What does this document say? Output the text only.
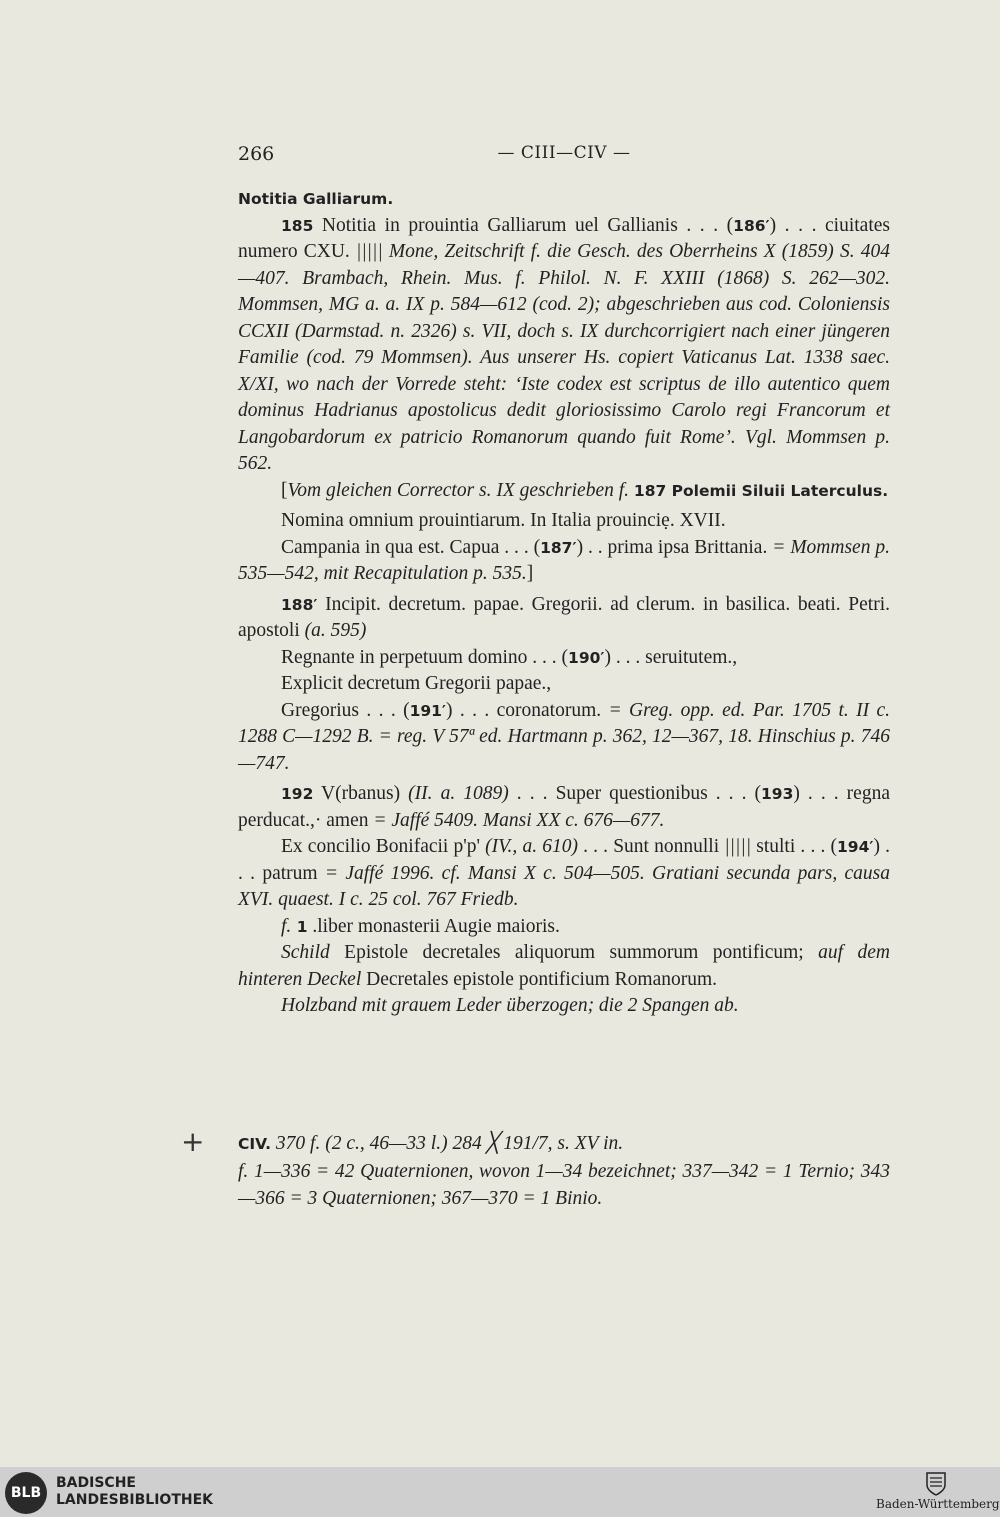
266	— CIII—CIV —

Notitia Galliarum.

185 Notitia in prouintia Galliarum uel Gallianis . . . (186′) . . . ciuitates numero CXU. ||||| Mone, Zeitschrift f. die Gesch. des Oberrheins X (1859) S. 404—407. Brambach, Rhein. Mus. f. Philol. N. F. XXIII (1868) S. 262—302. Mommsen, MG a. a. IX p. 584—612 (cod. 2); abgeschrieben aus cod. Coloniensis CCXII (Darmstad. n. 2326) s. VII, doch s. IX durchcorrigiert nach einer jüngeren Familie (cod. 79 Mommsen). Aus unserer Hs. copiert Vaticanus Lat. 1338 saec. X/XI, wo nach der Vorrede steht: ‘Iste codex est scriptus de illo autentico quem dominus Hadrianus apostolicus dedit gloriosissimo Carolo regi Francorum et Langobardorum ex patricio Romanorum quando fuit Rome’. Vgl. Mommsen p. 562.

[Vom gleichen Corrector s. IX geschrieben f. 187 Polemii Siluii Laterculus.

Nomina omnium prouintiarum. In Italia prouinciẹ. XVII.

Campania in qua est. Capua . . . (187′) . . prima ipsa Brittania. = Mommsen p. 535—542, mit Recapitulation p. 535.]

188′ Incipit. decretum. papae. Gregorii. ad clerum. in basilica. beati. Petri. apostoli (a. 595)

Regnante in perpetuum domino . . . (190′) . . . seruitutem.,

Explicit decretum Gregorii papae.,

Gregorius . . . (191′) . . . coronatorum. = Greg. opp. ed. Par. 1705 t. II c. 1288 C—1292 B. = reg. V 57ª ed. Hartmann p. 362, 12—367, 18. Hinschius p. 746—747.

192 V(rbanus) (II. a. 1089) . . . Super questionibus . . . (193) . . . regna perducat.,· amen = Jaffé 5409. Mansi XX c. 676—677.

Ex concilio Bonifacii p'p' (IV., a. 610) . . . Sunt nonnulli ||||| stulti . . . (194′) . . . patrum = Jaffé 1996. cf. Mansi X c. 504—505. Gratiani secunda pars, causa XVI. quaest. I c. 25 col. 767 Friedb.

f. 1 .liber monasterii Augie maioris.

Schild Epistole decretales aliquorum summorum pontificum; auf dem hinteren Deckel Decretales epistole pontificium Romanorum.

Holzband mit grauem Leder überzogen; die 2 Spangen ab.

+ CIV. 370 f. (2 c., 46—33 l.) 284 ╳ 191/7, s. XV in.

f. 1—336 = 42 Quaternionen, wovon 1—34 bezeichnet; 337—342 = 1 Ternio; 343—366 = 3 Quaternionen; 367—370 = 1 Binio.

BLB
BADISCHE
LANDESBIBLIOTHEK	Baden-Württemberg
